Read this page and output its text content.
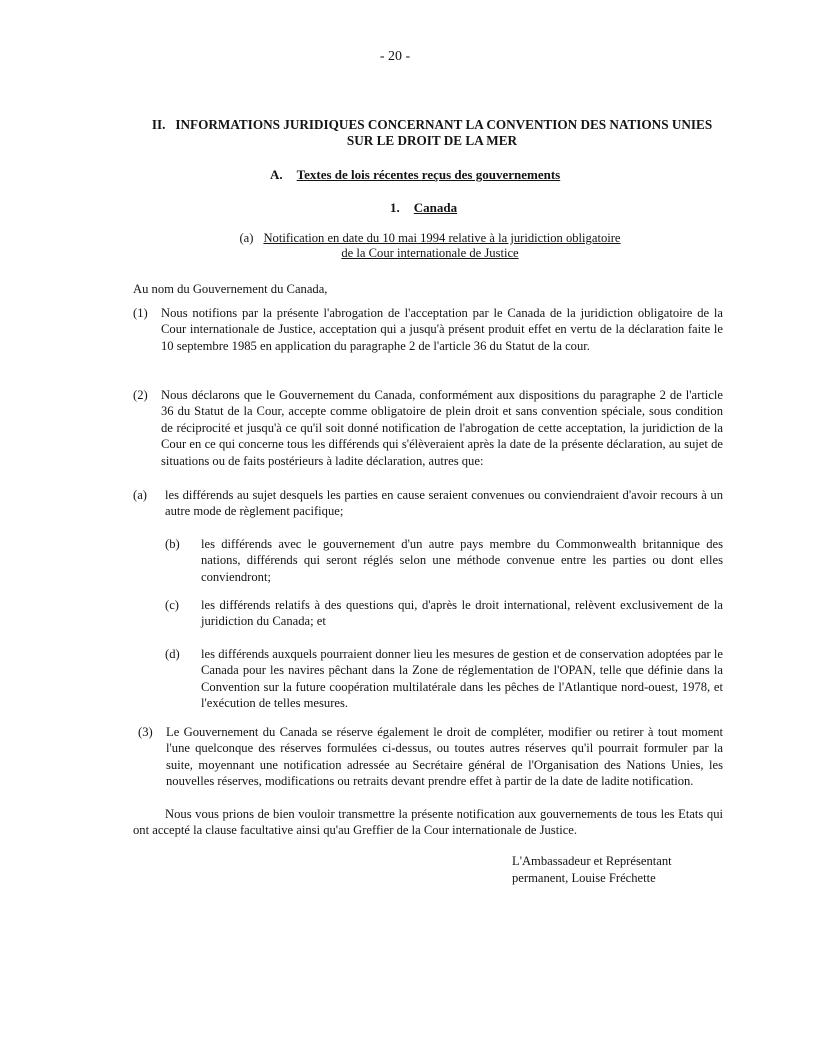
- 20 -
II. INFORMATIONS JURIDIQUES CONCERNANT LA CONVENTION DES NATIONS UNIES
SUR LE DROIT DE LA MER
A. Textes de lois récentes reçus des gouvernements
1. Canada
(a) Notification en date du 10 mai 1994 relative à la juridiction obligatoire
de la Cour internationale de Justice
Au nom du Gouvernement du Canada,
(1) Nous notifions par la présente l'abrogation de l'acceptation par le Canada de la juridiction obligatoire de la Cour internationale de Justice, acceptation qui a jusqu'à présent produit effet en vertu de la déclaration faite le 10 septembre 1985 en application du paragraphe 2 de l'article 36 du Statut de la cour.
(2) Nous déclarons que le Gouvernement du Canada, conformément aux dispositions du paragraphe 2 de l'article 36 du Statut de la Cour, accepte comme obligatoire de plein droit et sans convention spéciale, sous condition de réciprocité et jusqu'à ce qu'il soit donné notification de l'abrogation de cette acceptation, la juridiction de la Cour en ce qui concerne tous les différends qui s'élèveraient après la date de la présente déclaration, au sujet de situations ou de faits postérieurs à ladite déclaration, autres que:
(a) les différends au sujet desquels les parties en cause seraient convenues ou conviendraient d'avoir recours à un autre mode de règlement pacifique;
(b) les différends avec le gouvernement d'un autre pays membre du Commonwealth britannique des nations, différends qui seront réglés selon une méthode convenue entre les parties ou dont elles conviendront;
(c) les différends relatifs à des questions qui, d'après le droit international, relèvent exclusivement de la juridiction du Canada; et
(d) les différends auxquels pourraient donner lieu les mesures de gestion et de conservation adoptées par le Canada pour les navires pêchant dans la Zone de réglementation de l'OPAN, telle que définie dans la Convention sur la future coopération multilatérale dans les pêches de l'Atlantique nord-ouest, 1978, et l'exécution de telles mesures.
(3) Le Gouvernement du Canada se réserve également le droit de compléter, modifier ou retirer à tout moment l'une quelconque des réserves formulées ci-dessus, ou toutes autres réserves qu'il pourrait formuler par la suite, moyennant une notification adressée au Secrétaire général de l'Organisation des Nations Unies, les nouvelles réserves, modifications ou retraits devant prendre effet à partir de la date de ladite notification.
Nous vous prions de bien vouloir transmettre la présente notification aux gouvernements de tous les Etats qui ont accepté la clause facultative ainsi qu'au Greffier de la Cour internationale de Justice.
L'Ambassadeur et Représentant
permanent, Louise Fréchette
